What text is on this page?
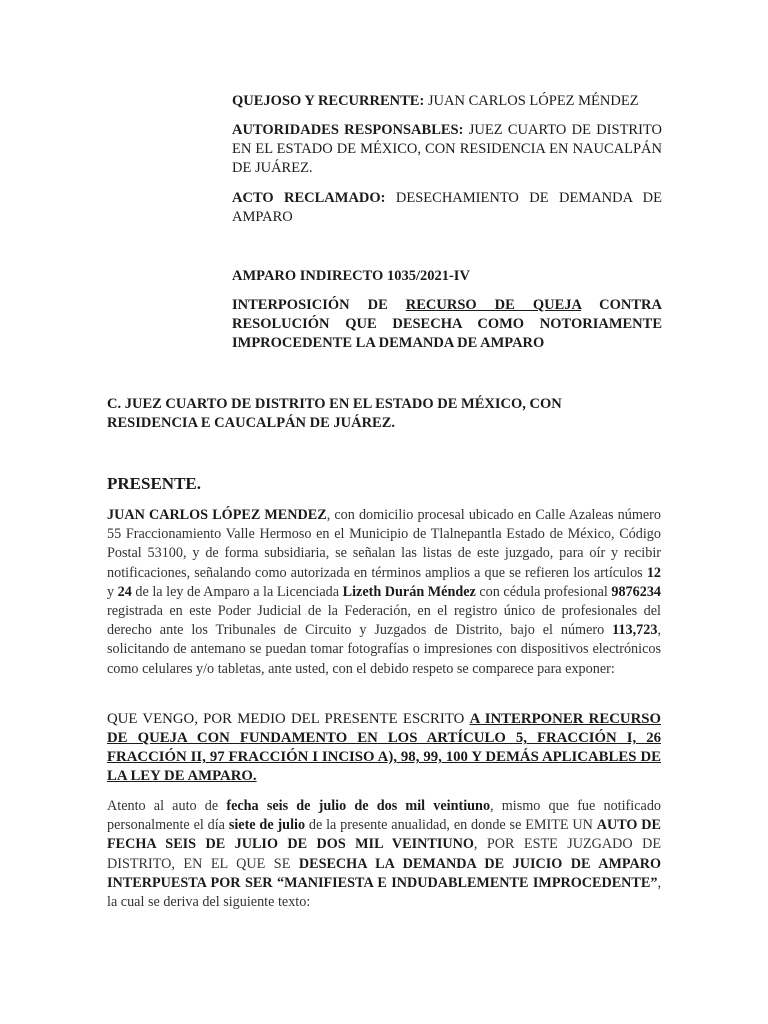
QUEJOSO Y RECURRENTE: JUAN CARLOS LÓPEZ MÉNDEZ
AUTORIDADES RESPONSABLES: JUEZ CUARTO DE DISTRITO EN EL ESTADO DE MÉXICO, CON RESIDENCIA EN NAUCALPÁN DE JUÁREZ.
ACTO RECLAMADO: DESECHAMIENTO DE DEMANDA DE AMPARO
AMPARO INDIRECTO 1035/2021-IV
INTERPOSICIÓN DE RECURSO DE QUEJA CONTRA RESOLUCIÓN QUE DESECHA COMO NOTORIAMENTE IMPROCEDENTE LA DEMANDA DE AMPARO
C. JUEZ CUARTO DE DISTRITO EN EL ESTADO DE MÉXICO, CON RESIDENCIA E CAUCALPÁN DE JUÁREZ.
PRESENTE.
JUAN CARLOS LÓPEZ MENDEZ, con domicilio procesal ubicado en Calle Azaleas número 55 Fraccionamiento Valle Hermoso en el Municipio de Tlalnepantla Estado de México, Código Postal 53100, y de forma subsidiaria, se señalan las listas de este juzgado, para oír y recibir notificaciones, señalando como autorizada en términos amplios a que se refieren los artículos 12 y 24 de la ley de Amparo a la Licenciada Lizeth Durán Méndez con cédula profesional 9876234 registrada en este Poder Judicial de la Federación, en el registro único de profesionales del derecho ante los Tribunales de Circuito y Juzgados de Distrito, bajo el número 113,723, solicitando de antemano se puedan tomar fotografías o impresiones con dispositivos electrónicos como celulares y/o tabletas, ante usted, con el debido respeto se comparece para exponer:
QUE VENGO, POR MEDIO DEL PRESENTE ESCRITO A INTERPONER RECURSO DE QUEJA CON FUNDAMENTO EN LOS ARTÍCULO 5, FRACCIÓN I, 26 FRACCIÓN II, 97 FRACCIÓN I INCISO A), 98, 99, 100 Y DEMÁS APLICABLES DE LA LEY DE AMPARO.
Atento al auto de fecha seis de julio de dos mil veintiuno, mismo que fue notificado personalmente el día siete de julio de la presente anualidad, en donde se EMITE UN AUTO DE FECHA SEIS DE JULIO DE DOS MIL VEINTIUNO, POR ESTE JUZGADO DE DISTRITO, EN EL QUE SE DESECHA LA DEMANDA DE JUICIO DE AMPARO INTERPUESTA POR SER “MANIFIESTA E INDUDABLEMENTE IMPROCEDENTE”, la cual se deriva del siguiente texto:
